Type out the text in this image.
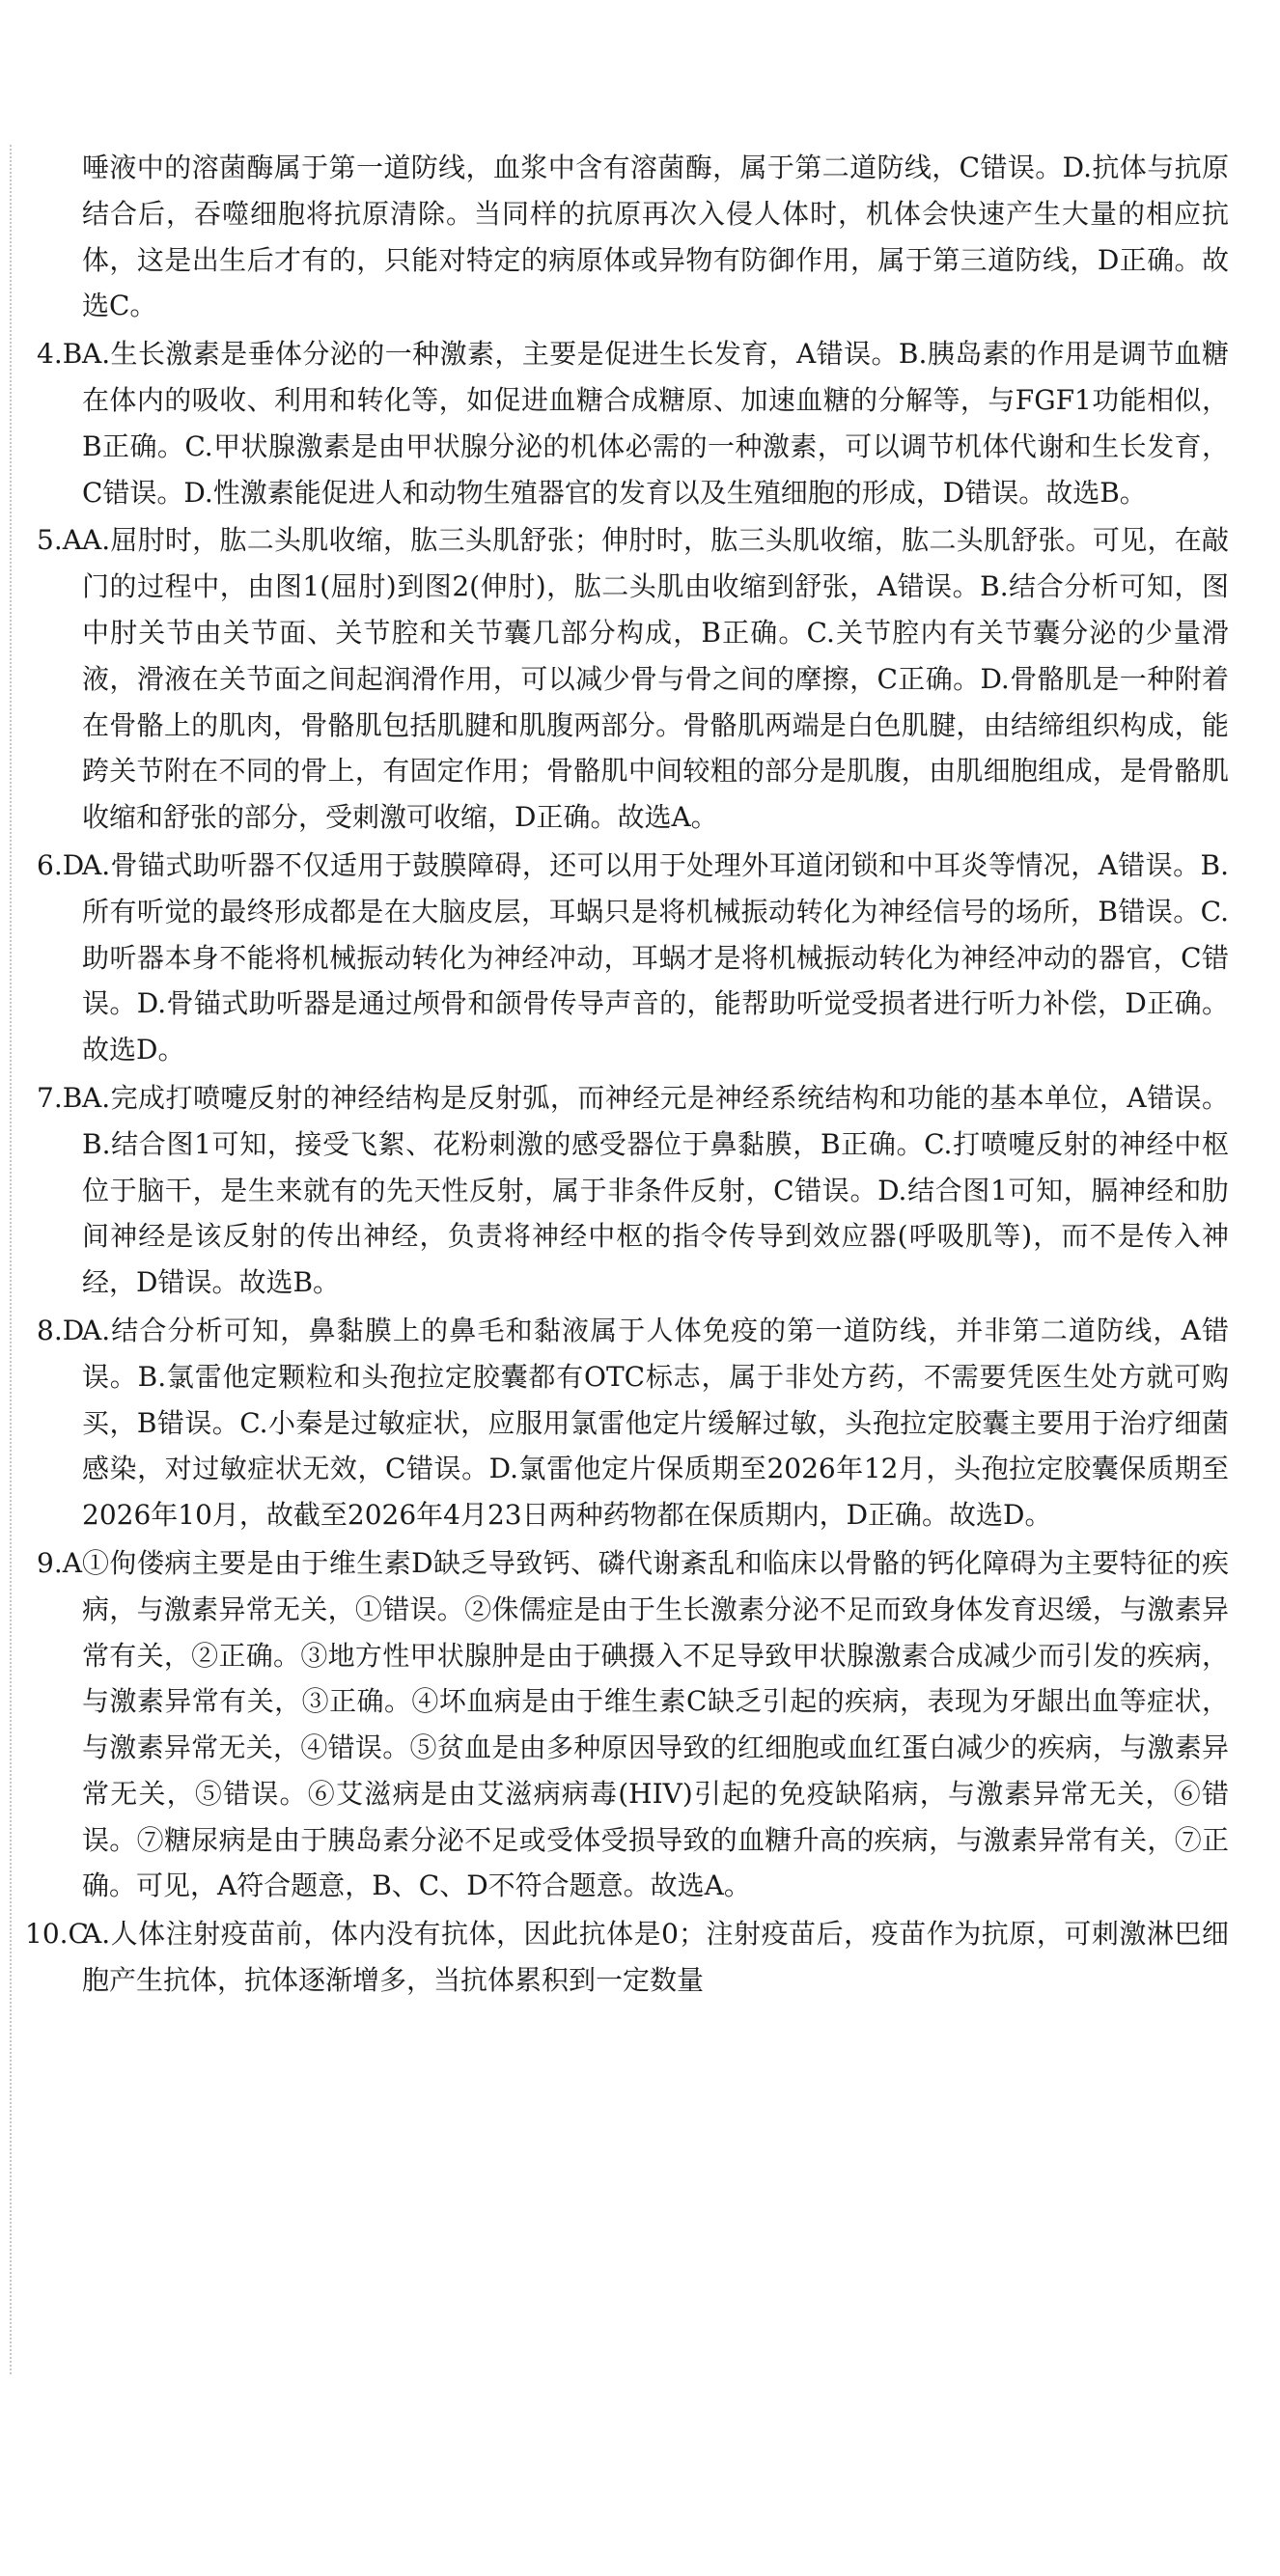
唾液中的溶菌酶属于第一道防线，血浆中含有溶菌酶，属于第二道防线，C错误。D.抗体与抗原结合后，吞噬细胞将抗原清除。当同样的抗原再次入侵人体时，机体会快速产生大量的相应抗体，这是出生后才有的，只能对特定的病原体或异物有防御作用，属于第三道防线，D正确。故选C。

4.B A.生长激素是垂体分泌的一种激素，主要是促进生长发育，A错误。B.胰岛素的作用是调节血糖在体内的吸收、利用和转化等，如促进血糖合成糖原、加速血糖的分解等，与FGF1功能相似，B正确。C.甲状腺激素是由甲状腺分泌的机体必需的一种激素，可以调节机体代谢和生长发育，C错误。D.性激素能促进人和动物生殖器官的发育以及生殖细胞的形成，D错误。故选B。
5.A A.屈肘时，肱二头肌收缩，肱三头肌舒张；伸肘时，肱三头肌收缩，肱二头肌舒张。可见，在敲门的过程中，由图1(屈肘)到图2(伸肘)，肱二头肌由收缩到舒张，A错误。B.结合分析可知，图中肘关节由关节面、关节腔和关节囊几部分构成，B正确。C.关节腔内有关节囊分泌的少量滑液，滑液在关节面之间起润滑作用，可以减少骨与骨之间的摩擦，C正确。D.骨骼肌是一种附着在骨骼上的肌肉，骨骼肌包括肌腱和肌腹两部分。骨骼肌两端是白色肌腱，由结缔组织构成，能跨关节附在不同的骨上，有固定作用；骨骼肌中间较粗的部分是肌腹，由肌细胞组成，是骨骼肌收缩和舒张的部分，受刺激可收缩，D正确。故选A。
6.D
A.骨锚式助听器不仅适用于鼓膜障碍，还可以用于处理外耳道闭锁和中耳炎等情况，A错误。B.所有听觉的最终形成都是在大脑皮层，耳蜗只是将机械振动转化为神经信号的场所，B错误。C.助听器本身不能将机械振动转化为神经冲动，耳蜗才是将机械振动转化为神经冲动的器官，C错误。D.骨锚式助听器是通过颅骨和颌骨传导声音的，能帮助听觉受损者进行听力补偿，D正确。故选D。
7.B A.完成打喷嚏反射的神经结构是反射弧，而神经元是神经系统结构和功能的基本单位，A错误。B.结合图1可知，接受飞絮、花粉刺激的感受器位于鼻黏膜，B正确。C.打喷嚏反射的神经中枢位于脑干，是生来就有的先天性反射，属于非条件反射，C错误。D.结合图1可知，膈神经和肋间神经是该反射的传出神经，负责将神经中枢的指令传导到效应器(呼吸肌等)，而不是传入神经，D错误。故选B。
8.D
A.结合分析可知，鼻黏膜上的鼻毛和黏液属于人体免疫的第一道防线，并非第二道防线，A错误。B.氯雷他定颗粒和头孢拉定胶囊都有OTC标志，属于非处方药，不需要凭医生处方就可购买，B错误。C.小秦是过敏症状，应服用氯雷他定片缓解过敏，头孢拉定胶囊主要用于治疗细菌感染，对过敏症状无效，C错误。D.氯雷他定片保质期至2026年12月，头孢拉定胶囊保质期至2026年10月，故截至2026年4月23日两种药物都在保质期内，D正确。故选D。
9.A ①佝偻病主要是由于维生素D缺乏导致钙、磷代谢紊乱和临床以骨骼的钙化障碍为主要特征的疾病，与激素异常无关，①错误。②侏儒症是由于生长激素分泌不足而致身体发育迟缓，与激素异常有关，②正确。③地方性甲状腺肿是由于碘摄入不足导致甲状腺激素合成减少而引发的疾病，与激素异常有关，③正确。④坏血病是由于维生素C缺乏引起的疾病，表现为牙龈出血等症状，与激素异常无关，④错误。⑤贫血是由多种原因导致的红细胞或血红蛋白减少的疾病，与激素异常无关，⑤错误。⑥艾滋病是由艾滋病病毒(HIV)引起的免疫缺陷病，与激素异常无关，⑥错误。⑦糖尿病是由于胰岛素分泌不足或受体受损导致的血糖升高的疾病，与激素异常有关，⑦正确。可见，A符合题意，B、C、D不符合题意。故选A。
10.C
A.人体注射疫苗前，体内没有抗体，因此抗体是0；注射疫苗后，疫苗作为抗原，可刺激淋巴细胞产生抗体，抗体逐渐增多，当抗体累积到一定数量
